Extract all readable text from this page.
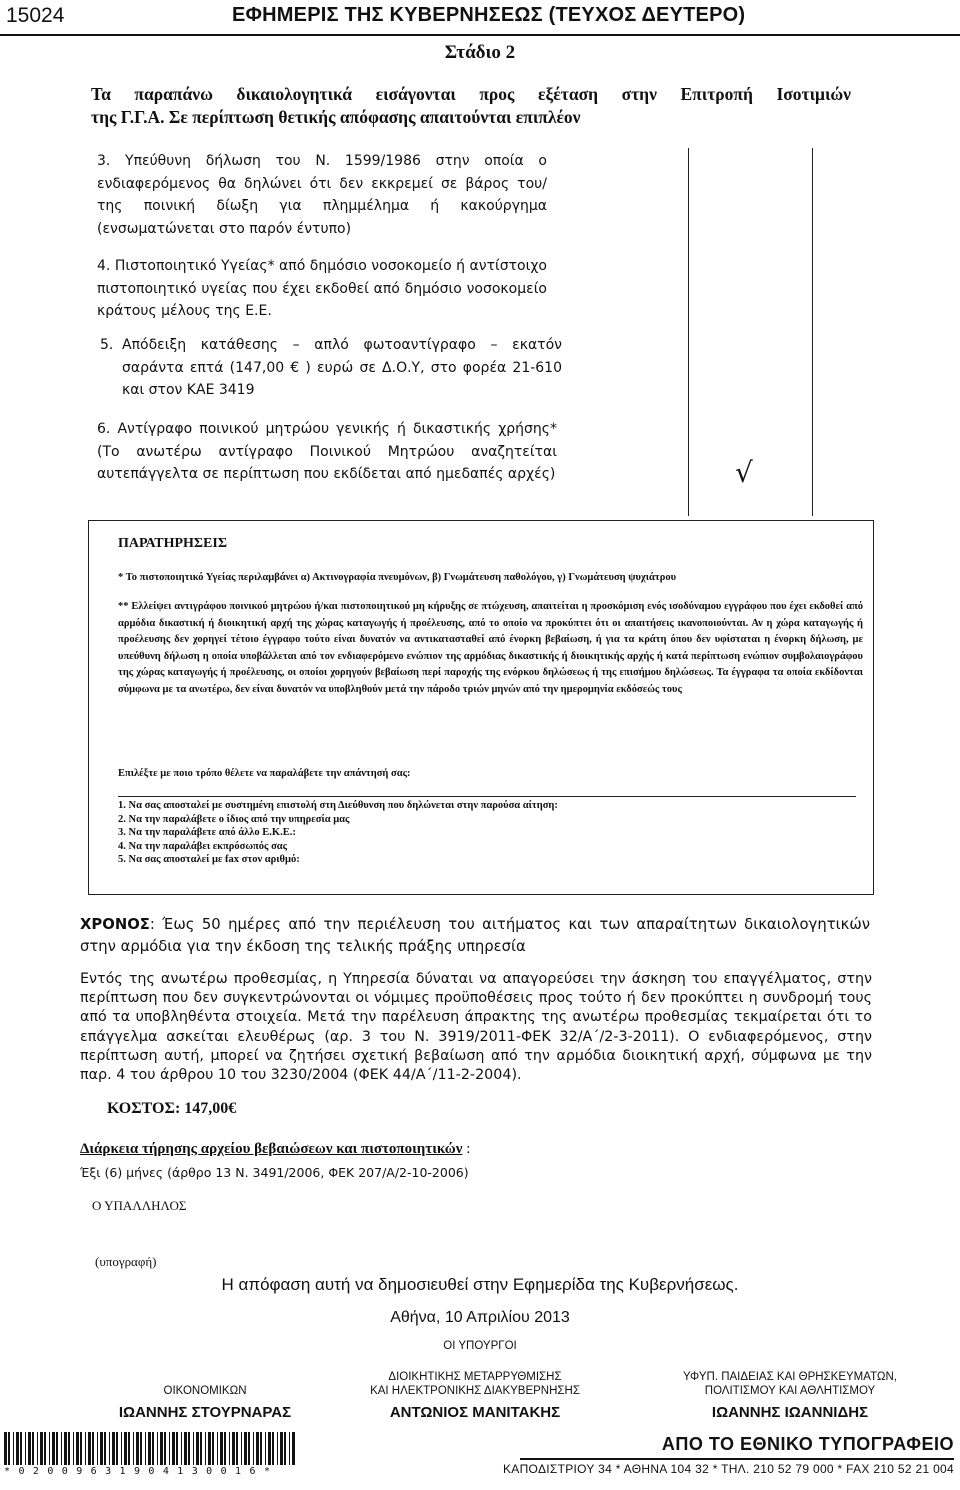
15024	ΕΦΗΜΕΡΙΣ ΤΗΣ ΚΥΒΕΡΝΗΣΕΩΣ (ΤΕΥΧΟΣ ΔΕΥΤΕΡΟ)
Στάδιο 2
Τα παραπάνω δικαιολογητικά εισάγονται προς εξέταση στην Επιτροπή Ισοτιμιών
της Γ.Γ.Α. Σε περίπτωση θετικής απόφασης απαιτούνται επιπλέον
3. Υπεύθυνη δήλωση του Ν. 1599/1986 στην οποία ο ενδιαφερόμενος θα δηλώνει ότι δεν εκκρεμεί σε βάρος του/ της ποινική δίωξη για πλημμέλημα ή κακούργημα (ενσωματώνεται στο παρόν έντυπο)
4. Πιστοποιητικό Υγείας* από δημόσιο νοσοκομείο ή αντίστοιχο πιστοποιητικό υγείας που έχει εκδοθεί από δημόσιο νοσοκομείο κράτους μέλους της Ε.Ε.
5. Απόδειξη κατάθεσης – απλό φωτοαντίγραφο – εκατόν σαράντα επτά (147,00 € ) ευρώ σε Δ.Ο.Υ, στο φορέα 21-610 και στον ΚΑΕ 3419
6. Αντίγραφο ποινικού μητρώου γενικής ή δικαστικής χρήσης* (Το ανωτέρω αντίγραφο Ποινικού Μητρώου αναζητείται αυτεπάγγελτα σε περίπτωση που εκδίδεται από ημεδαπές αρχές)	√
ΠΑΡΑΤΗΡΗΣΕΙΣ
* Το πιστοποιητικό Υγείας περιλαμβάνει α) Ακτινογραφία πνευμόνων, β) Γνωμάτευση παθολόγου, γ) Γνωμάτευση ψυχιάτρου
** Ελλείψει αντιγράφου ποινικού μητρώου ή/και πιστοποιητικού μη κήρυξης σε πτώχευση, απαιτείται η προσκόμιση ενός ισοδύναμου εγγράφου που έχει εκδοθεί από αρμόδια δικαστική ή διοικητική αρχή της χώρας καταγωγής ή προέλευσης, από το οποίο να προκύπτει ότι οι απαιτήσεις ικανοποιούνται. Αν η χώρα καταγωγής ή προέλευσης δεν χορηγεί τέτοιο έγγραφο τούτο είναι δυνατόν να αντικατασταθεί από ένορκη βεβαίωση, ή για τα κράτη όπου δεν υφίσταται η ένορκη δήλωση, με υπεύθυνη δήλωση η οποία υποβάλλεται από τον ενδιαφερόμενο ενώπιον της αρμόδιας δικαστικής ή διοικητικής αρχής ή κατά περίπτωση ενώπιον συμβολαιογράφου της χώρας καταγωγής ή προέλευσης, οι οποίοι χορηγούν βεβαίωση περί παροχής της ενόρκου δηλώσεως ή της επισήμου δηλώσεως. Τα έγγραφα τα οποία εκδίδονται σύμφωνα με τα ανωτέρω, δεν είναι δυνατόν να υποβληθούν μετά την πάροδο τριών μηνών από την ημερομηνία εκδόσεώς τους
Επιλέξτε με ποιο τρόπο θέλετε να παραλάβετε την απάντησή σας:
1. Να σας αποσταλεί με συστημένη επιστολή στη Διεύθυνση που δηλώνεται στην παρούσα αίτηση:
2. Να την παραλάβετε ο ίδιος από την υπηρεσία μας
3. Να την παραλάβετε από άλλο Ε.Κ.Ε.:
4. Να την παραλάβει εκπρόσωπός σας
5. Να σας αποσταλεί με fax στον αριθμό:
ΧΡΟΝΟΣ: Έως 50 ημέρες από την περιέλευση του αιτήματος και των απαραίτητων δικαιολογητικών στην αρμόδια για την έκδοση της τελικής πράξης υπηρεσία
Εντός της ανωτέρω προθεσμίας, η Υπηρεσία δύναται να απαγορεύσει την άσκηση του επαγγέλματος, στην περίπτωση που δεν συγκεντρώνονται οι νόμιμες προϋποθέσεις προς τούτο ή δεν προκύπτει η συνδρομή τους από τα υποβληθέντα στοιχεία. Μετά την παρέλευση άπρακτης της ανωτέρω προθεσμίας τεκμαίρεται ότι το επάγγελμα ασκείται ελευθέρως (αρ. 3 του Ν. 3919/2011-ΦΕΚ 32/Α΄/2-3-2011). Ο ενδιαφερόμενος, στην περίπτωση αυτή, μπορεί να ζητήσει σχετική βεβαίωση από την αρμόδια διοικητική αρχή, σύμφωνα με την παρ. 4 του άρθρου 10 του 3230/2004 (ΦΕΚ 44/Α΄/11-2-2004).
ΚΟΣΤΟΣ: 147,00€
Διάρκεια τήρησης αρχείου βεβαιώσεων και πιστοποιητικών :
Έξι (6) μήνες (άρθρο 13 Ν. 3491/2006, ΦΕΚ 207/Α/2-10-2006)
Ο ΥΠΑΛΛΗΛΟΣ
(υπογραφή)
Η απόφαση αυτή να δημοσιευθεί στην Εφημερίδα της Κυβερνήσεως.
Αθήνα, 10 Απριλίου 2013
ΟΙ ΥΠΟΥΡΓΟΙ
ΟΙΚΟΝΟΜΙΚΩΝ
ΙΩΑΝΝΗΣ ΣΤΟΥΡΝΑΡΑΣ
ΔΙΟΙΚΗΤΙΚΗΣ ΜΕΤΑΡΡΥΘΜΙΣΗΣ
ΚΑΙ ΗΛΕΚΤΡΟΝΙΚΗΣ ΔΙΑΚΥΒΕΡΝΗΣΗΣ
ΑΝΤΩΝΙΟΣ ΜΑΝΙΤΑΚΗΣ
ΥΦΥΠ. ΠΑΙΔΕΙΑΣ ΚΑΙ ΘΡΗΣΚΕΥΜΑΤΩΝ,
ΠΟΛΙΤΙΣΜΟΥ ΚΑΙ ΑΘΛΗΤΙΣΜΟΥ
ΙΩΑΝΝΗΣ ΙΩΑΝΝΙΔΗΣ
* 0 2 0 0 9 6 3 1 9 0 4 1 3 0 0 1 6 *
ΑΠΟ ΤΟ ΕΘΝΙΚΟ ΤΥΠΟΓΡΑΦΕΙΟ
ΚΑΠΟΔΙΣΤΡΙΟΥ 34 * ΑΘΗΝΑ 104 32 * ΤΗΛ. 210 52 79 000 * FAX 210 52 21 004
